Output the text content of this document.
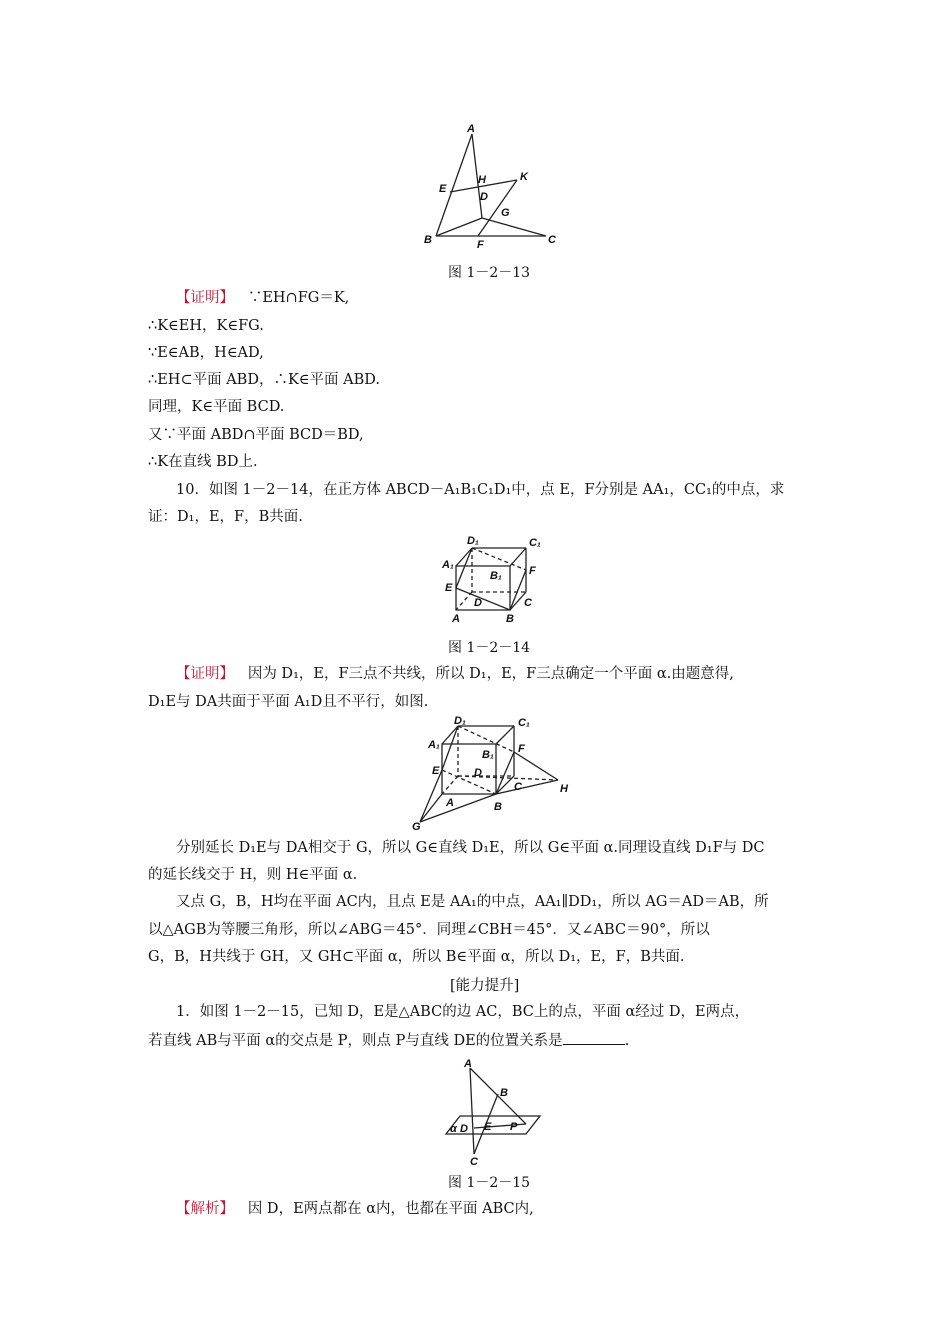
A
B	C
D
E
F
G
H	K
图 1－2－13
【证明】 ∵EH∩FG＝K,
∴K∈EH，K∈FG.
∵E∈AB，H∈AD,
∴EH⊂平面 ABD，∴K∈平面 ABD.
同理，K∈平面 BCD.
又∵平面 ABD∩平面 BCD＝BD,
∴K在直线 BD上.
10．如图 1－2－14，在正方体 ABCD－A₁B₁C₁D₁中，点 E，F分别是 AA₁，CC₁的中点，求
证：D₁，E，F，B共面.
D₁	C₁
A₁
B₁
E
F
D	C
A	B
图 1－2－14
【证明】 因为 D₁，E，F三点不共线，所以 D₁，E，F三点确定一个平面 α.由题意得,
D₁E与 DA共面于平面 A₁D且不平行，如图.
D₁	C₁
A₁
B₁ F
E	D
C
A	B
H
G
分别延长 D₁E与 DA相交于 G，所以 G∈直线 D₁E，所以 G∈平面 α.同理设直线 D₁F与 DC
的延长线交于 H，则 H∈平面 α.
又点 G，B，H均在平面 AC内，且点 E是 AA₁的中点，AA₁∥DD₁，所以 AG＝AD＝AB，所
以△AGB为等腰三角形，所以∠ABG＝45°．同理∠CBH＝45°．又∠ABC＝90°，所以
G，B，H共线于 GH，又 GH⊂平面 α，所以 B∈平面 α，所以 D₁，E，F，B共面.
[能力提升]
1．如图 1－2－15，已知 D，E是△ABC的边 AC，BC上的点，平面 α经过 D，E两点，
若直线 AB与平面 α的交点是 P，则点 P与直线 DE的位置关系是	.
A
B
α D E P
C
图 1－2－15
【解析】 因 D，E两点都在 α内，也都在平面 ABC内,
